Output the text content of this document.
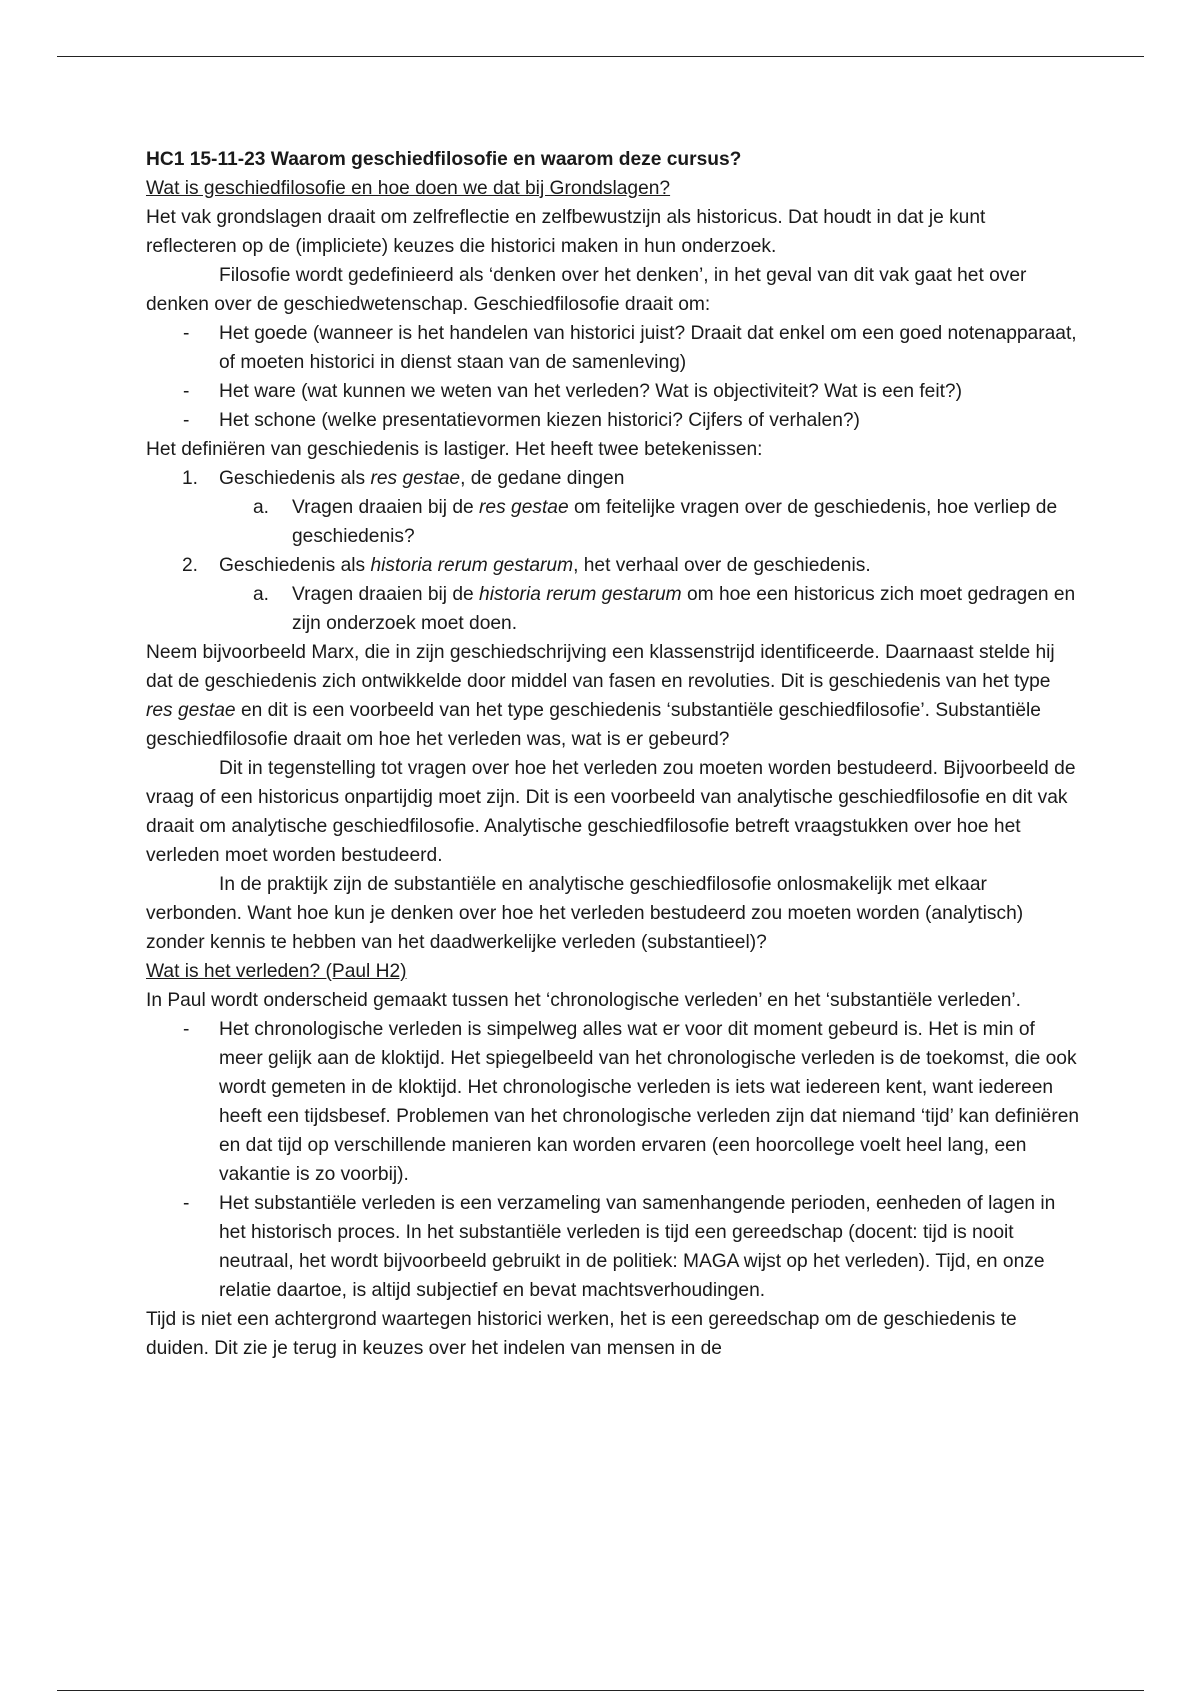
HC1 15-11-23 Waarom geschiedfilosofie en waarom deze cursus?

Wat is geschiedfilosofie en hoe doen we dat bij Grondslagen?

Het vak grondslagen draait om zelfreflectie en zelfbewustzijn als historicus. Dat houdt in dat je kunt reflecteren op de (impliciete) keuzes die historici maken in hun onderzoek.

Filosofie wordt gedefinieerd als ‘denken over het denken’, in het geval van dit vak gaat het over denken over de geschiedwetenschap. Geschiedfilosofie draait om:

- Het goede (wanneer is het handelen van historici juist? Draait dat enkel om een goed notenapparaat, of moeten historici in dienst staan van de samenleving)
- Het ware (wat kunnen we weten van het verleden? Wat is objectiviteit? Wat is een feit?)
- Het schone (welke presentatievormen kiezen historici? Cijfers of verhalen?)

Het definiëren van geschiedenis is lastiger. Het heeft twee betekenissen:

1. Geschiedenis als res gestae, de gedane dingen
a. Vragen draaien bij de res gestae om feitelijke vragen over de geschiedenis, hoe verliep de geschiedenis?
2. Geschiedenis als historia rerum gestarum, het verhaal over de geschiedenis.
a. Vragen draaien bij de historia rerum gestarum om hoe een historicus zich moet gedragen en zijn onderzoek moet doen.

Neem bijvoorbeeld Marx, die in zijn geschiedschrijving een klassenstrijd identificeerde. Daarnaast stelde hij dat de geschiedenis zich ontwikkelde door middel van fasen en revoluties. Dit is geschiedenis van het type res gestae en dit is een voorbeeld van het type geschiedenis ‘substantiële geschiedfilosofie’. Substantiële geschiedfilosofie draait om hoe het verleden was, wat is er gebeurd?

Dit in tegenstelling tot vragen over hoe het verleden zou moeten worden bestudeerd. Bijvoorbeeld de vraag of een historicus onpartijdig moet zijn. Dit is een voorbeeld van analytische geschiedfilosofie en dit vak draait om analytische geschiedfilosofie. Analytische geschiedfilosofie betreft vraagstukken over hoe het verleden moet worden bestudeerd.

In de praktijk zijn de substantiële en analytische geschiedfilosofie onlosmakelijk met elkaar verbonden. Want hoe kun je denken over hoe het verleden bestudeerd zou moeten worden (analytisch) zonder kennis te hebben van het daadwerkelijke verleden (substantieel)?

Wat is het verleden? (Paul H2)

In Paul wordt onderscheid gemaakt tussen het ‘chronologische verleden’ en het ‘substantiële verleden’.

- Het chronologische verleden is simpelweg alles wat er voor dit moment gebeurd is. Het is min of meer gelijk aan de kloktijd. Het spiegelbeeld van het chronologische verleden is de toekomst, die ook wordt gemeten in de kloktijd. Het chronologische verleden is iets wat iedereen kent, want iedereen heeft een tijdsbesef. Problemen van het chronologische verleden zijn dat niemand ‘tijd’ kan definiëren en dat tijd op verschillende manieren kan worden ervaren (een hoorcollege voelt heel lang, een vakantie is zo voorbij).
- Het substantiële verleden is een verzameling van samenhangende perioden, eenheden of lagen in het historisch proces. In het substantiële verleden is tijd een gereedschap (docent: tijd is nooit neutraal, het wordt bijvoorbeeld gebruikt in de politiek: MAGA wijst op het verleden). Tijd, en onze relatie daartoe, is altijd subjectief en bevat machtsverhoudingen.

Tijd is niet een achtergrond waartegen historici werken, het is een gereedschap om de geschiedenis te duiden. Dit zie je terug in keuzes over het indelen van mensen in de
